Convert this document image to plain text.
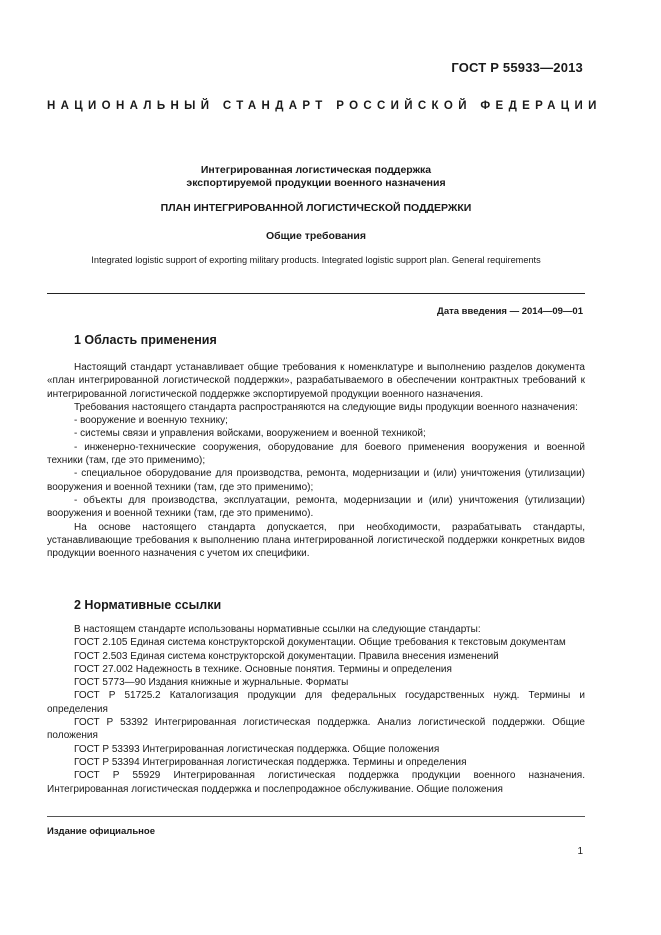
ГОСТ Р 55933—2013
НАЦИОНАЛЬНЫЙ СТАНДАРТ РОССИЙСКОЙ ФЕДЕРАЦИИ
Интегрированная логистическая поддержка
экспортируемой продукции военного назначения
ПЛАН ИНТЕГРИРОВАННОЙ ЛОГИСТИЧЕСКОЙ ПОДДЕРЖКИ
Общие требования
Integrated logistic support of exporting military products. Integrated logistic support plan. General requirements
Дата введения — 2014—09—01
1 Область применения

Настоящий стандарт устанавливает общие требования к номенклатуре и выполнению разделов документа «план интегрированной логистической поддержки», разрабатываемого в обеспечении контрактных требований к интегрированной логистической поддержке экспортируемой продукции военного назначения.

Требования настоящего стандарта распространяются на следующие виды продукции военного назначения:

- вооружение и военную технику;

- системы связи и управления войсками, вооружением и военной техникой;

- инженерно-технические сооружения, оборудование для боевого применения вооружения и военной техники (там, где это применимо);

- специальное оборудование для производства, ремонта, модернизации и (или) уничтожения (утилизации) вооружения и военной техники (там, где это применимо);

- объекты для производства, эксплуатации, ремонта, модернизации и (или) уничтожения (утилизации) вооружения и военной техники (там, где это применимо).

На основе настоящего стандарта допускается, при необходимости, разрабатывать стандарты, устанавливающие требования к выполнению плана интегрированной логистической поддержки конкретных видов продукции военного назначения с учетом их специфики.

2 Нормативные ссылки

В настоящем стандарте использованы нормативные ссылки на следующие стандарты:

ГОСТ 2.105 Единая система конструкторской документации. Общие требования к текстовым документам

ГОСТ 2.503 Единая система конструкторской документации. Правила внесения изменений

ГОСТ 27.002 Надежность в технике. Основные понятия. Термины и определения

ГОСТ 5773—90 Издания книжные и журнальные. Форматы

ГОСТ Р 51725.2 Каталогизация продукции для федеральных государственных нужд. Термины и определения

ГОСТ Р 53392 Интегрированная логистическая поддержка. Анализ логистической поддержки. Общие положения

ГОСТ Р 53393 Интегрированная логистическая поддержка. Общие положения

ГОСТ Р 53394 Интегрированная логистическая поддержка. Термины и определения

ГОСТ Р 55929 Интегрированная логистическая поддержка продукции военного назначения. Интегрированная логистическая поддержка и послепродажное обслуживание. Общие положения

Издание официальное
1
